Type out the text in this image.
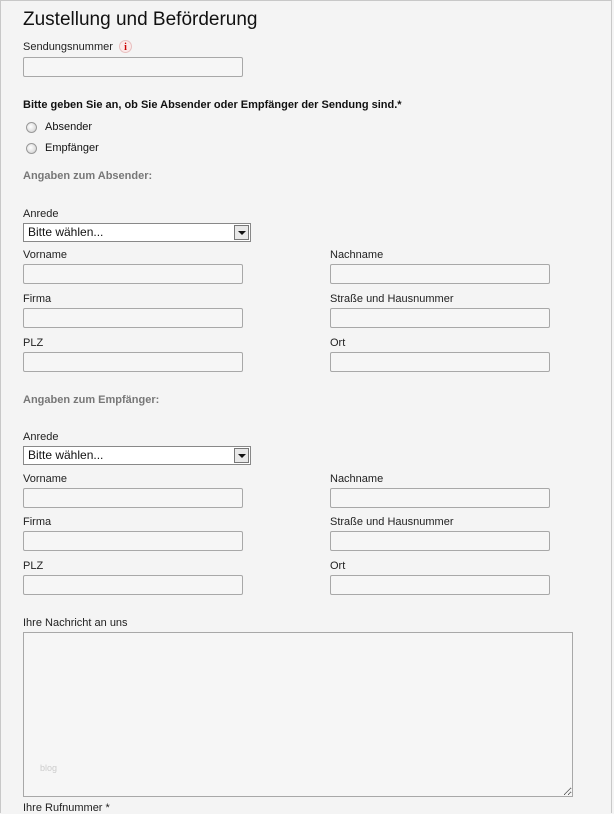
Zustellung und Beförderung
Sendungsnummer	i
Bitte geben Sie an, ob Sie Absender oder Empfänger der Sendung sind.*
Absender
Empfänger
Angaben zum Absender:
Anrede
Bitte wählen...
Vorname	Nachname
Firma	Straße und Hausnummer
PLZ	Ort
Angaben zum Empfänger:
Anrede
Bitte wählen...
Vorname	Nachname
Firma	Straße und Hausnummer
PLZ	Ort
Ihre Nachricht an uns
blog
Ihre Rufnummer *
